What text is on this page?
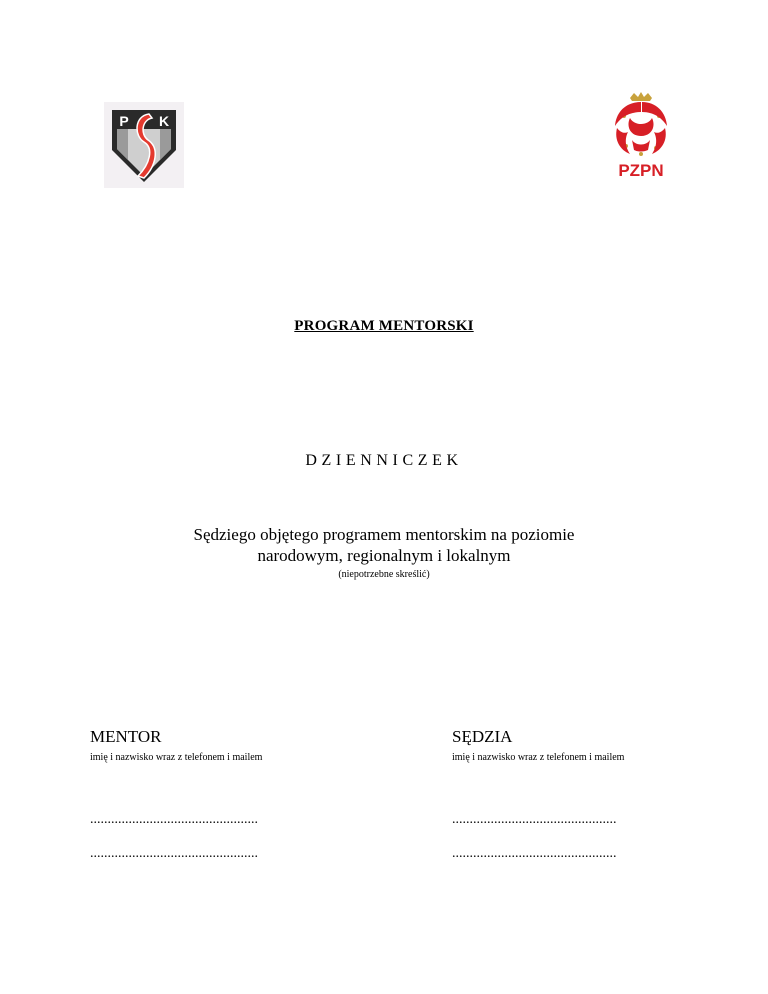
P K
PZPN
PROGRAM MENTORSKI
DZIENNICZEK
Sędziego objętego programem mentorskim na poziomie
narodowym, regionalnym i lokalnym
(niepotrzebne skreślić)
MENTOR
imię i nazwisko wraz z telefonem i mailem
................................................
................................................
SĘDZIA
imię i nazwisko wraz z telefonem i mailem
...............................................
...............................................
